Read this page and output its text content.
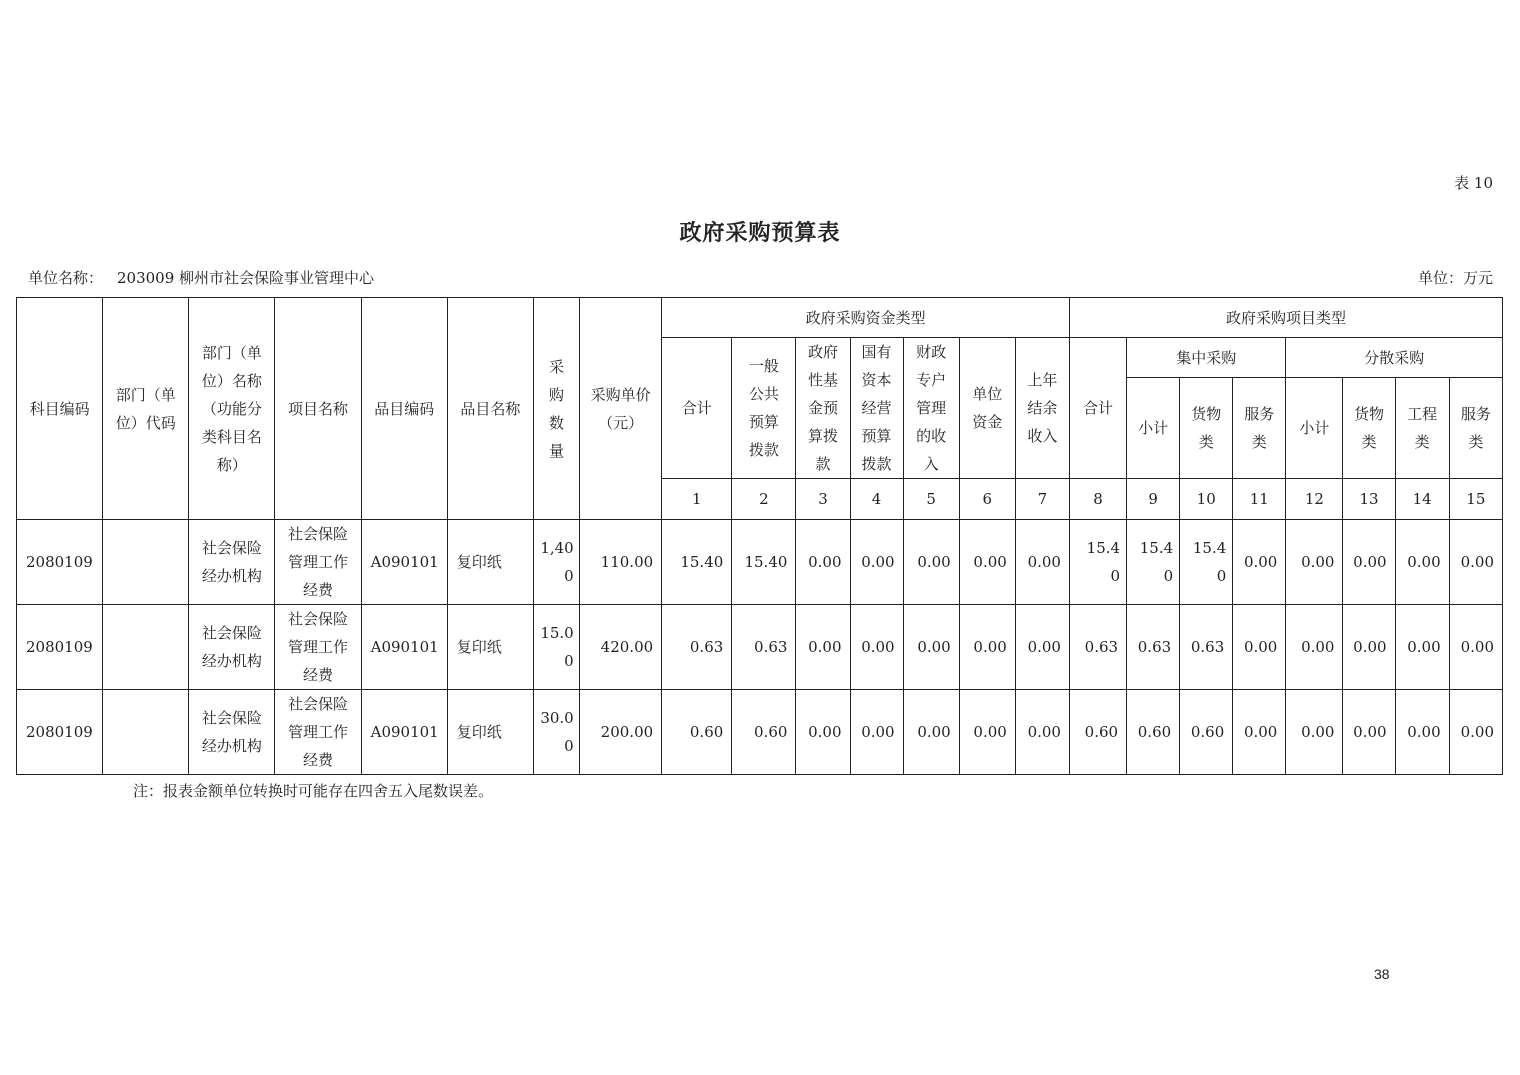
表 10
政府采购预算表
单位名称： 203009 柳州市社会保险事业管理中心	单位：万元
科目编码	部门（单位）代码	部门（单位）名称（功能分类科目名称）	项目名称	品目编码	品目名称	采购数量	采购单价（元）	政府采购资金类型							政府采购项目类型							
								合计	一般公共预算拨款	政府性基金预算拨款	国有资本经营预算拨款	财政专户管理的收入	单位资金	上年结余收入	合计	集中采购			分散采购			
																小计	货物类	服务类	小计	货物类	工程类	服务类
								1	2	3	4	5	6	7	8	9	10	11	12	13	14	15
2080109		社会保险经办机构	社会保险管理工作经费	A090101	复印纸	1,400	110.00	15.40	15.40	0.00	0.00	0.00	0.00	0.00	15.40	15.40	15.40	0.00	0.00	0.00	0.00	0.00
2080109		社会保险经办机构	社会保险管理工作经费	A090101	复印纸	15.00	420.00	0.63	0.63	0.00	0.00	0.00	0.00	0.00	0.63	0.63	0.63	0.00	0.00	0.00	0.00	0.00
2080109		社会保险经办机构	社会保险管理工作经费	A090101	复印纸	30.00	200.00	0.60	0.60	0.00	0.00	0.00	0.00	0.00	0.60	0.60	0.60	0.00	0.00	0.00	0.00	0.00
注：报表金额单位转换时可能存在四舍五入尾数误差。
38
